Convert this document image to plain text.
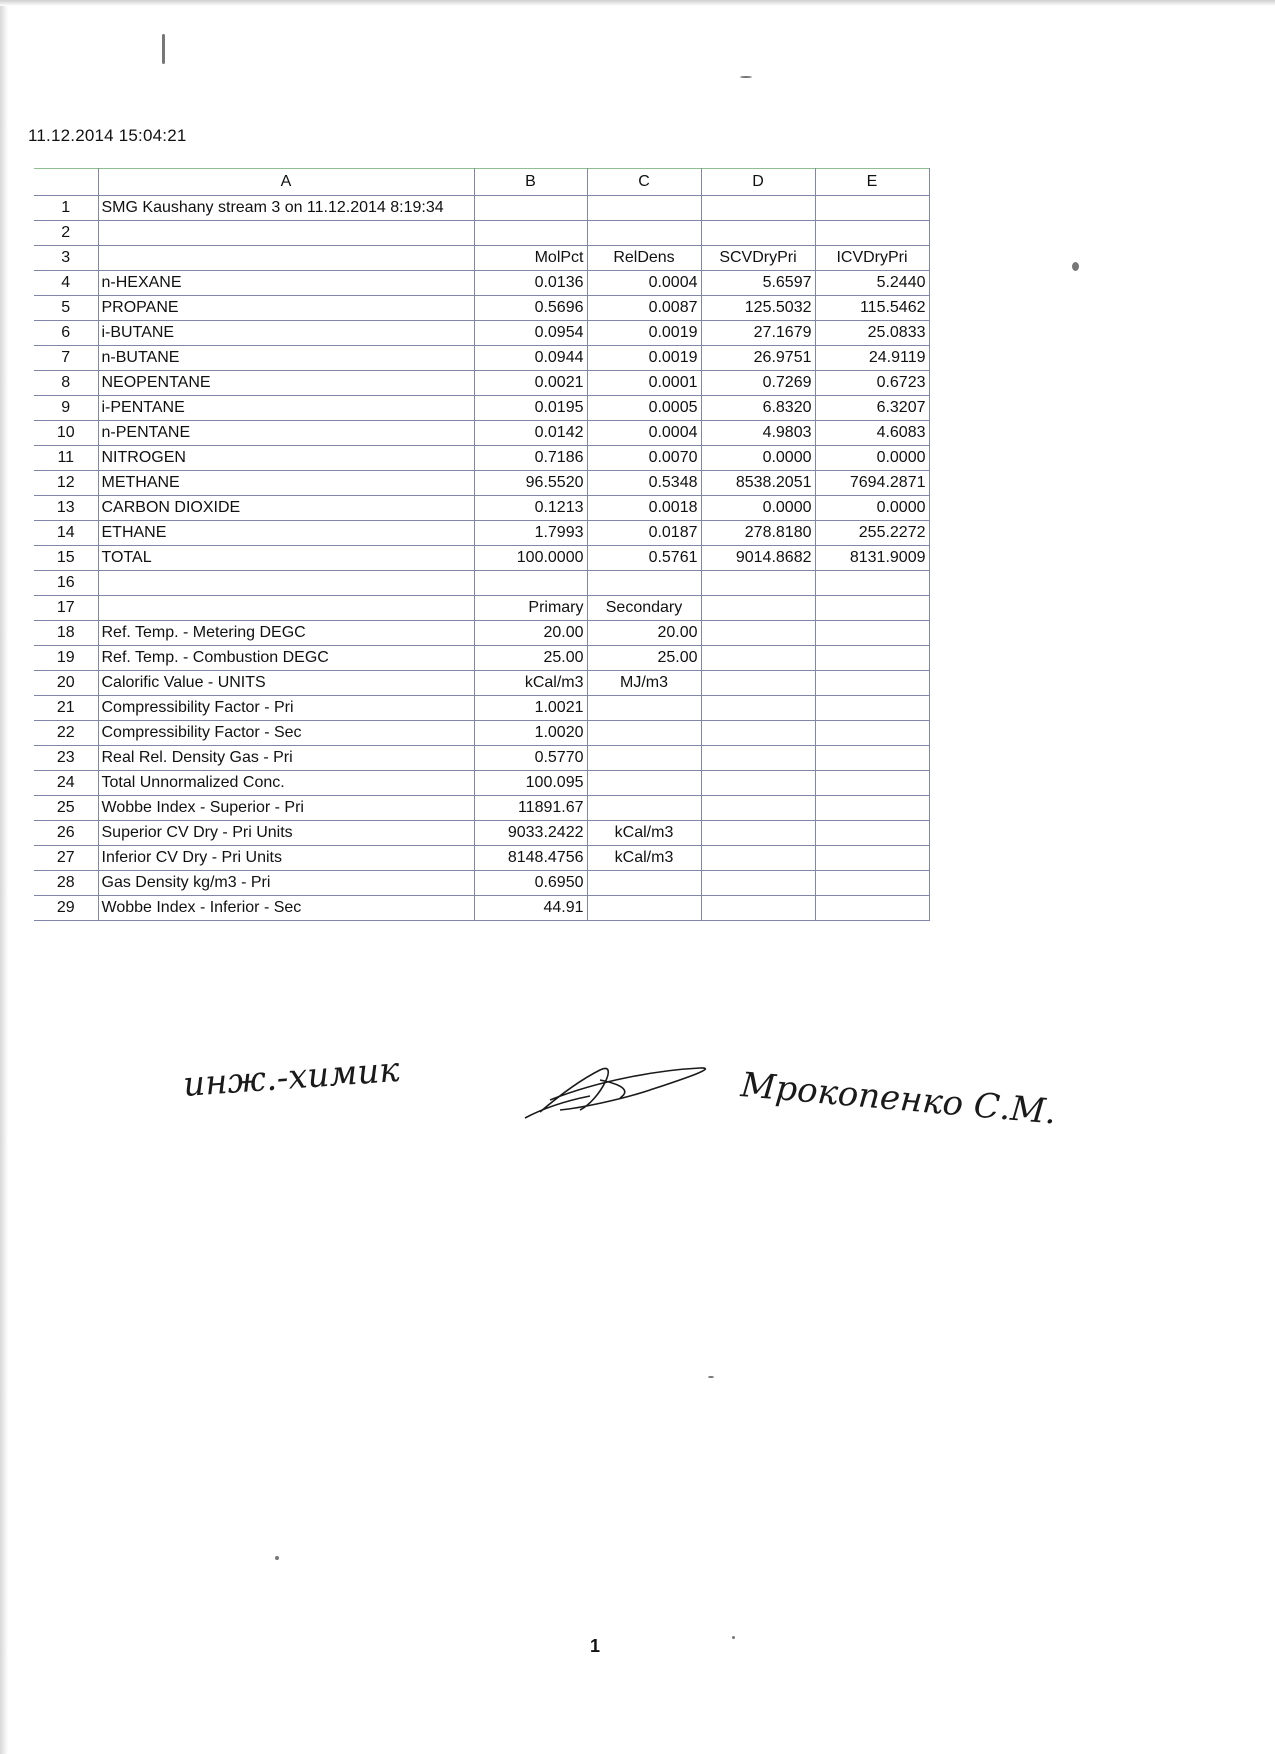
11.12.2014 15:04:21
	A	B	C	D	E
1	SMG Kaushany stream 3 on 11.12.2014 8:19:34				
2					
3		MolPct	RelDens	SCVDryPri	ICVDryPri
4	n-HEXANE	0.0136	0.0004	5.6597	5.2440
5	PROPANE	0.5696	0.0087	125.5032	115.5462
6	i-BUTANE	0.0954	0.0019	27.1679	25.0833
7	n-BUTANE	0.0944	0.0019	26.9751	24.9119
8	NEOPENTANE	0.0021	0.0001	0.7269	0.6723
9	i-PENTANE	0.0195	0.0005	6.8320	6.3207
10	n-PENTANE	0.0142	0.0004	4.9803	4.6083
11	NITROGEN	0.7186	0.0070	0.0000	0.0000
12	METHANE	96.5520	0.5348	8538.2051	7694.2871
13	CARBON DIOXIDE	0.1213	0.0018	0.0000	0.0000
14	ETHANE	1.7993	0.0187	278.8180	255.2272
15	TOTAL	100.0000	0.5761	9014.8682	8131.9009
16					
17		Primary	Secondary		
18	Ref. Temp. - Metering DEGC	20.00	20.00		
19	Ref. Temp. - Combustion DEGC	25.00	25.00		
20	Calorific Value - UNITS	kCal/m3	MJ/m3		
21	Compressibility Factor - Pri	1.0021			
22	Compressibility Factor - Sec	1.0020			
23	Real Rel. Density Gas - Pri	0.5770			
24	Total Unnormalized Conc.	100.095			
25	Wobbe Index - Superior - Pri	11891.67			
26	Superior CV Dry - Pri Units	9033.2422	kCal/m3		
27	Inferior CV Dry - Pri Units	8148.4756	kCal/m3		
28	Gas Density kg/m3 - Pri	0.6950			
29	Wobbe Index - Inferior - Sec	44.91			
инж.-химик	Мрокопенко С.М.
1
